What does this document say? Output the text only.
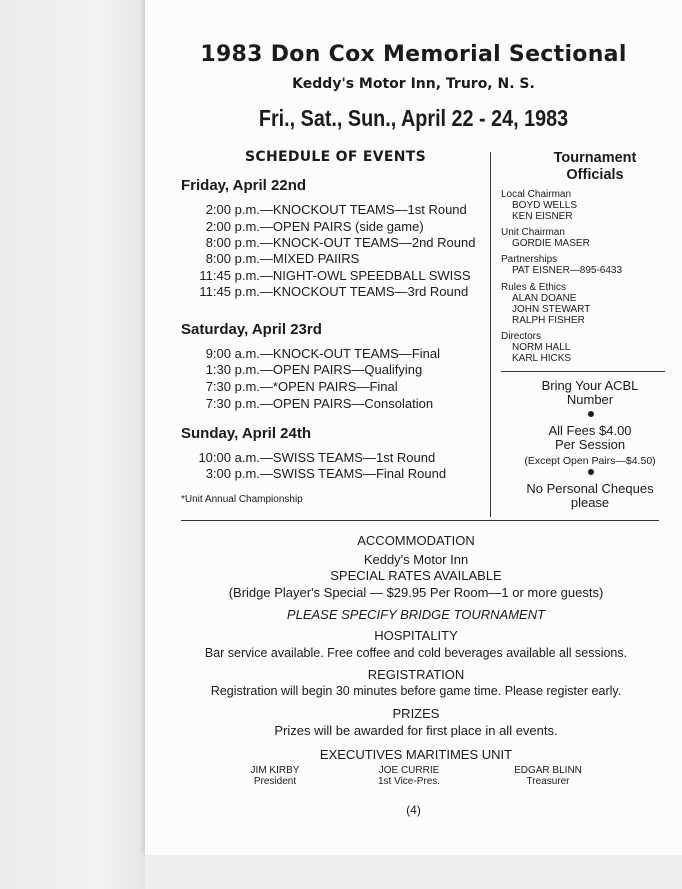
1983 Don Cox Memorial Sectional
Keddy's Motor Inn, Truro, N. S.
Fri., Sat., Sun., April 22 - 24, 1983
SCHEDULE OF EVENTS
Friday, April 22nd
2:00 p.m.—KNOCKOUT TEAMS—1st Round
2:00 p.m.—OPEN PAIRS (side game)
8:00 p.m.—KNOCK-OUT TEAMS—2nd Round
8:00 p.m.—MIXED PAIIRS
11:45 p.m.—NIGHT-OWL SPEEDBALL SWISS
11:45 p.m.—KNOCKOUT TEAMS—3rd Round
Saturday, April 23rd
9:00 a.m.—KNOCK-OUT TEAMS—Final
1:30 p.m.—OPEN PAIRS—Qualifying
7:30 p.m.—*OPEN PAIRS—Final
7:30 p.m.—OPEN PAIRS—Consolation
Sunday, April 24th
10:00 a.m.—SWISS TEAMS—1st Round
3:00 p.m.—SWISS TEAMS—Final Round
*Unit Annual Championship
Tournament
Officials
Local Chairman
BOYD WELLS
KEN EISNER
Unit Chairman
GORDIE MASER
Partnerships
PAT EISNER—895-6433
Rules & Ethics
ALAN DOANE
JOHN STEWART
RALPH FISHER
Directors
NORM HALL
KARL HICKS
Bring Your ACBL
Number
All Fees $4.00
Per Session
(Except Open Pairs—$4.50)
No Personal Cheques
please
ACCOMMODATION
Keddy's Motor Inn
SPECIAL RATES AVAILABLE
(Bridge Player's Special — $29.95 Per Room—1 or more guests)
PLEASE SPECIFY BRIDGE TOURNAMENT
HOSPITALITY
Bar service available. Free coffee and cold beverages available all sessions.
REGISTRATION
Registration will begin 30 minutes before game time. Please register early.
PRIZES
Prizes will be awarded for first place in all events.
EXECUTIVES MARITIMES UNIT
JIM KIRBY
President
JOE CURRIE
1st Vice-Pres.
EDGAR BLINN
Treasurer
(4)
